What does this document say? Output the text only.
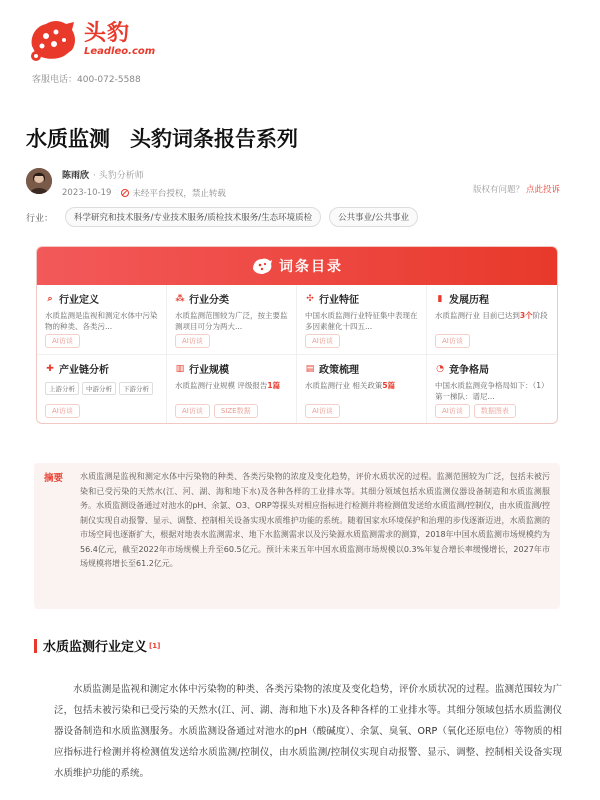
头豹
Leadleo.com
客服电话：400-072-5588
水质监测 头豹词条报告系列
陈雨欣 · 头豹分析师
2023-10-19 未经平台授权，禁止转载	版权有问题？ 点此投诉
行业：	科学研究和技术服务/专业技术服务/质检技术服务/生态环境质检	公共事业/公共事业
词条目录
⌕ 行业定义
水质监测是监视和测定水体中污染物的种类、各类污...
AI访谈
⁂ 行业分类
水质监测范围较为广泛，按主要监测项目可分为两大...
AI访谈
✣ 行业特征
中国水质监测行业特征集中表现在多因素催化十四五...
AI访谈
▮ 发展历程
水质监测行业 目前已达到3个阶段
AI访谈
✚ 产业链分析
上游分析	中游分析	下游分析
AI访谈
▥ 行业规模
水质监测行业规模 评级报告1篇
AI访谈	SIZE数据
▤ 政策梳理
水质监测行业 相关政策5篇
AI访谈
◔ 竞争格局
中国水质监测竞争格局如下：（1）第一梯队：谱尼...
AI访谈	数据图表
摘要	水质监测是监视和测定水体中污染物的种类、各类污染物的浓度及变化趋势，评价水质状况的过程。监测范围较为广泛，包括未被污染和已受污染的天然水(江、河、湖、海和地下水)及各种各样的工业排水等。其细分领域包括水质监测仪器设备制造和水质监测服务。水质监测设备通过对池水的pH、余氯、O3、ORP等探头对相应指标进行检测并将检测值发送给水质监测/控制仪，由水质监测/控制仪实现自动报警、显示、调整、控制相关设备实现水质维护功能的系统。随着国家水环境保护和治理的步伐逐渐迈进，水质监测的市场空间也逐渐扩大，根据对地表水监测需求、地下水监测需求以及污染源水质监测需求的测算，2018年中国水质监测市场规模约为56.4亿元，截至2022年市场规模上升至60.5亿元。预计未来五年中国水质监测市场规模以0.3%年复合增长率缓慢增长，2027年市场规模将增长至61.2亿元。
水质监测行业定义 [1]
水质监测是监视和测定水体中污染物的种类、各类污染物的浓度及变化趋势，评价水质状况的过程。监测范围较为广泛，包括未被污染和已受污染的天然水(江、河、湖、海和地下水)及各种各样的工业排水等。其细分领域包括水质监测仪器设备制造和水质监测服务。水质监测设备通过对池水的pH（酸碱度）、余氯、臭氧、ORP（氧化还原电位）等物质的相应指标进行检测并将检测值发送给水质监测/控制仪，由水质监测/控制仪实现自动报警、显示、调整、控制相关设备实现水质维护功能的系统。
